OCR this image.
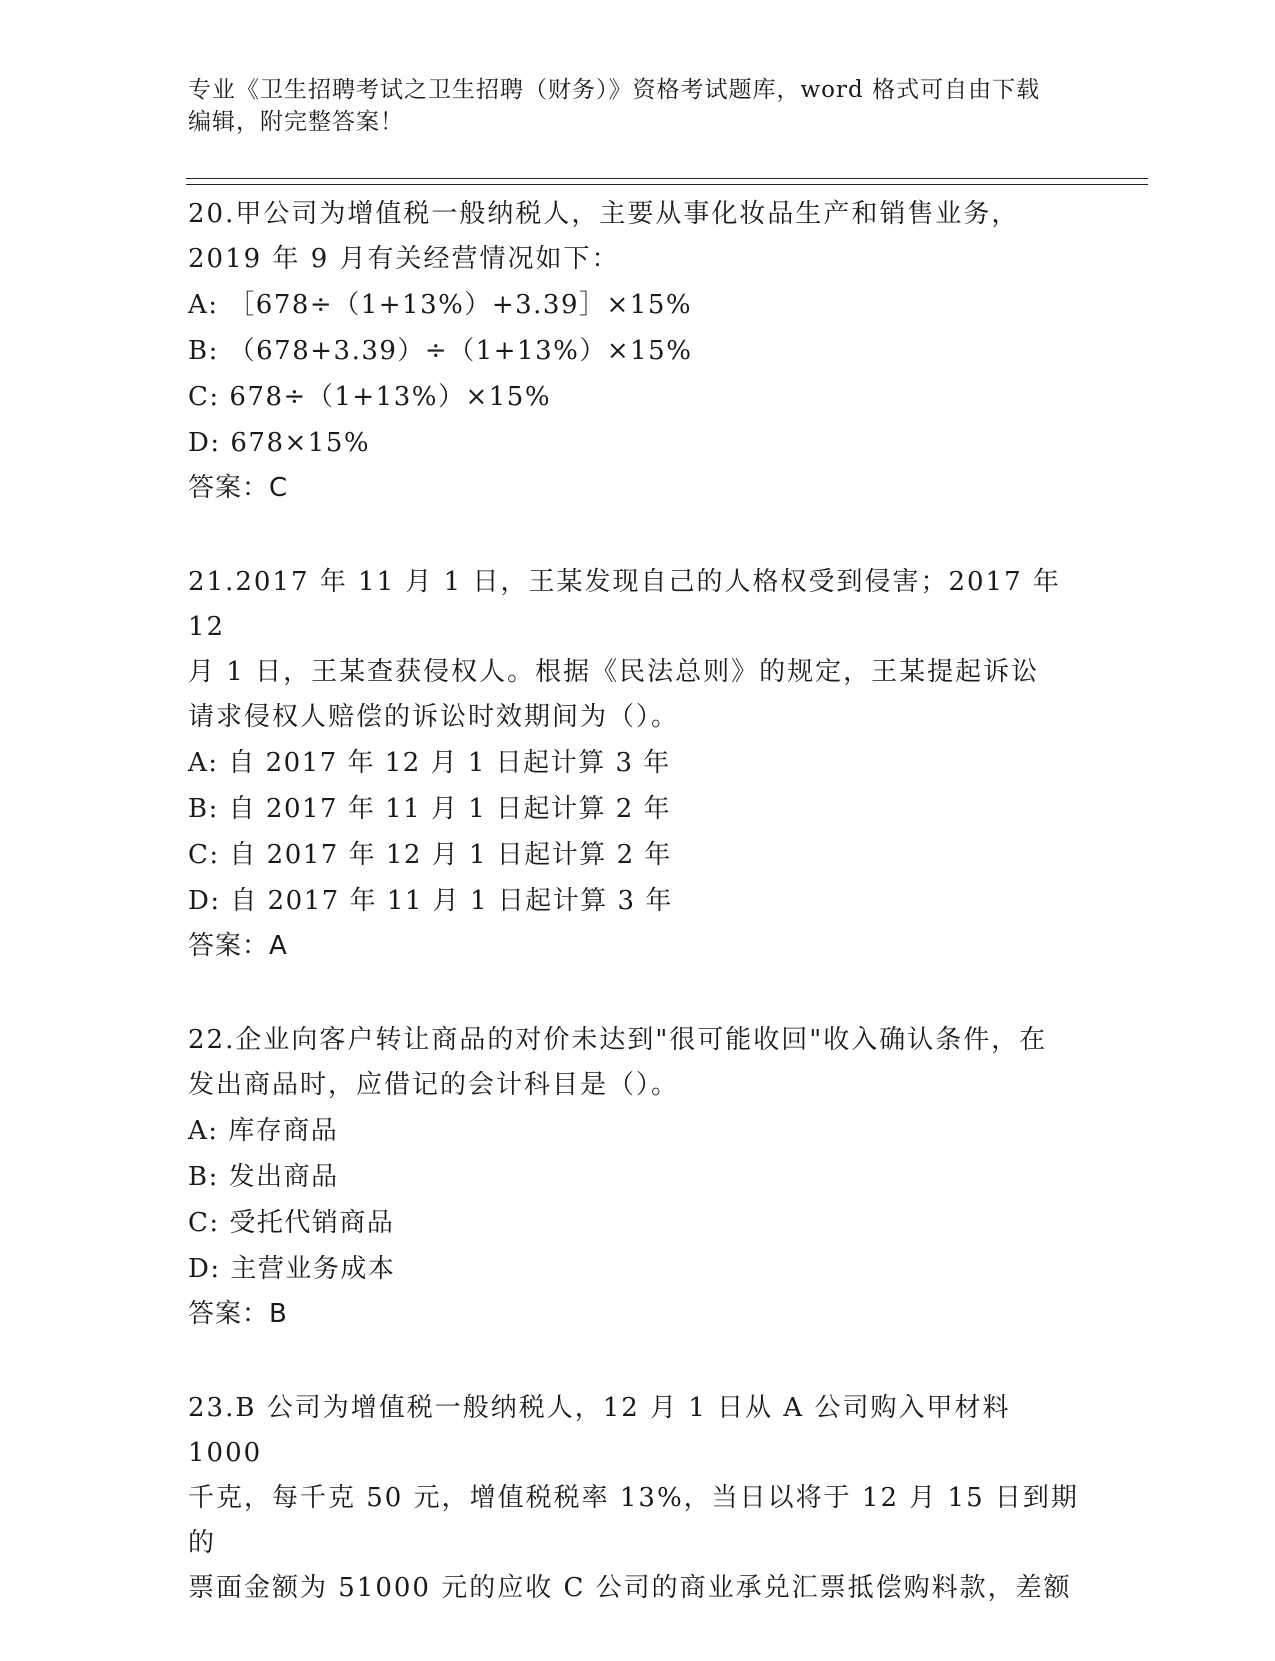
专业《卫生招聘考试之卫生招聘（财务）》资格考试题库，word 格式可自由下载
编辑，附完整答案！
20.甲公司为增值税一般纳税人，主要从事化妆品生产和销售业务，
2019 年 9 月有关经营情况如下：
A: ［678÷（1+13%）+3.39］×15%
B: （678+3.39）÷（1+13%）×15%
C: 678÷（1+13%）×15%
D: 678×15%
答案：C
21.2017 年 11 月 1 日，王某发现自己的人格权受到侵害；2017 年 12
月 1 日，王某查获侵权人。根据《民法总则》的规定，王某提起诉讼
请求侵权人赔偿的诉讼时效期间为（）。
A: 自 2017 年 12 月 1 日起计算 3 年
B: 自 2017 年 11 月 1 日起计算 2 年
C: 自 2017 年 12 月 1 日起计算 2 年
D: 自 2017 年 11 月 1 日起计算 3 年
答案：A
22.企业向客户转让商品的对价未达到"很可能收回"收入确认条件，在
发出商品时，应借记的会计科目是（）。
A: 库存商品
B: 发出商品
C: 受托代销商品
D: 主营业务成本
答案：B
23.B 公司为增值税一般纳税人，12 月 1 日从 A 公司购入甲材料 1000
千克，每千克 50 元，增值税税率 13%，当日以将于 12 月 15 日到期的
票面金额为 51000 元的应收 C 公司的商业承兑汇票抵偿购料款，差额
